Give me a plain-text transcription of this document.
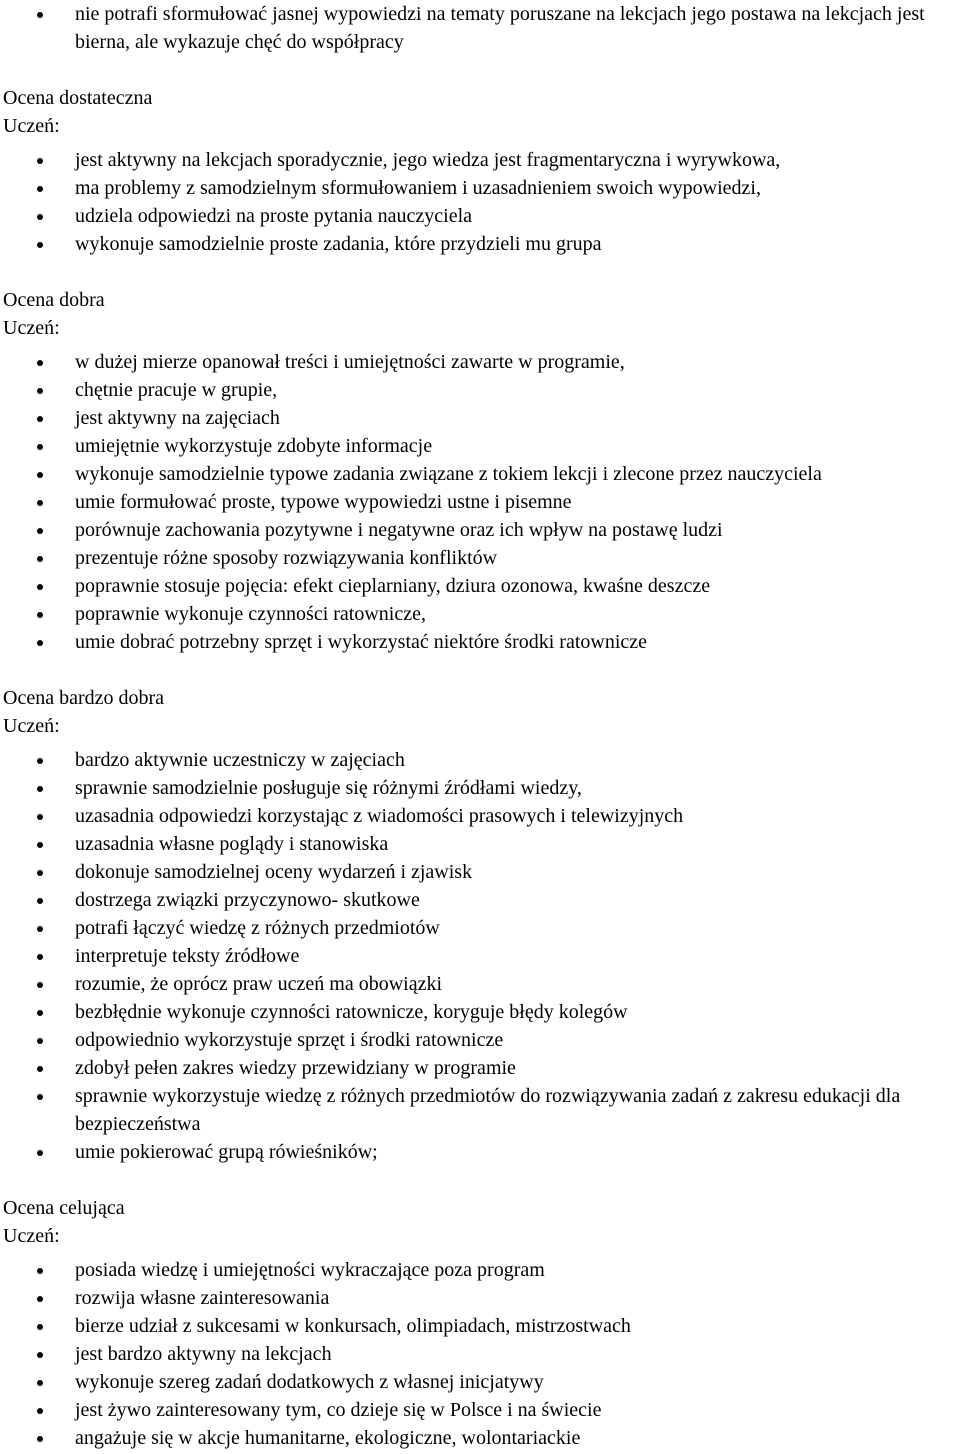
nie potrafi sformułować jasnej wypowiedzi na tematy poruszane na lekcjach jego postawa na lekcjach jest bierna, ale wykazuje chęć do współpracy

Ocena dostateczna

Uczeń:

jest aktywny na lekcjach sporadycznie, jego wiedza jest fragmentaryczna i wyrywkowa,
ma problemy z samodzielnym sformułowaniem i uzasadnieniem swoich wypowiedzi,
udziela odpowiedzi na proste pytania nauczyciela
wykonuje samodzielnie proste zadania, które przydzieli mu grupa

Ocena dobra

Uczeń:

w dużej mierze opanował treści i umiejętności zawarte w programie,
chętnie pracuje w grupie,
jest aktywny na zajęciach
umiejętnie wykorzystuje zdobyte informacje
wykonuje samodzielnie typowe zadania związane z tokiem lekcji i zlecone przez nauczyciela
umie formułować proste, typowe wypowiedzi ustne i pisemne
porównuje zachowania pozytywne i negatywne oraz ich wpływ na postawę ludzi
prezentuje różne sposoby rozwiązywania konfliktów
poprawnie stosuje pojęcia: efekt cieplarniany, dziura ozonowa, kwaśne deszcze
poprawnie wykonuje czynności ratownicze,
umie dobrać potrzebny sprzęt i wykorzystać niektóre środki ratownicze

Ocena bardzo dobra

Uczeń:

bardzo aktywnie uczestniczy w zajęciach
sprawnie samodzielnie posługuje się różnymi źródłami wiedzy,
uzasadnia odpowiedzi korzystając z wiadomości prasowych i telewizyjnych
uzasadnia własne poglądy i stanowiska
dokonuje samodzielnej oceny wydarzeń i zjawisk
dostrzega związki przyczynowo- skutkowe
potrafi łączyć wiedzę z różnych przedmiotów
interpretuje teksty źródłowe
rozumie, że oprócz praw uczeń ma obowiązki
bezbłędnie wykonuje czynności ratownicze, koryguje błędy kolegów
odpowiednio wykorzystuje sprzęt i środki ratownicze
zdobył pełen zakres wiedzy przewidziany w programie
sprawnie wykorzystuje wiedzę z różnych przedmiotów do rozwiązywania zadań z zakresu edukacji dla bezpieczeństwa
umie pokierować grupą rówieśników;

Ocena celująca

Uczeń:

posiada wiedzę i umiejętności wykraczające poza program
rozwija własne zainteresowania
bierze udział z sukcesami w konkursach, olimpiadach, mistrzostwach
jest bardzo aktywny na lekcjach
wykonuje szereg zadań dodatkowych z własnej inicjatywy
jest żywo zainteresowany tym, co dzieje się w Polsce i na świecie
angażuje się w akcje humanitarne, ekologiczne, wolontariackie
